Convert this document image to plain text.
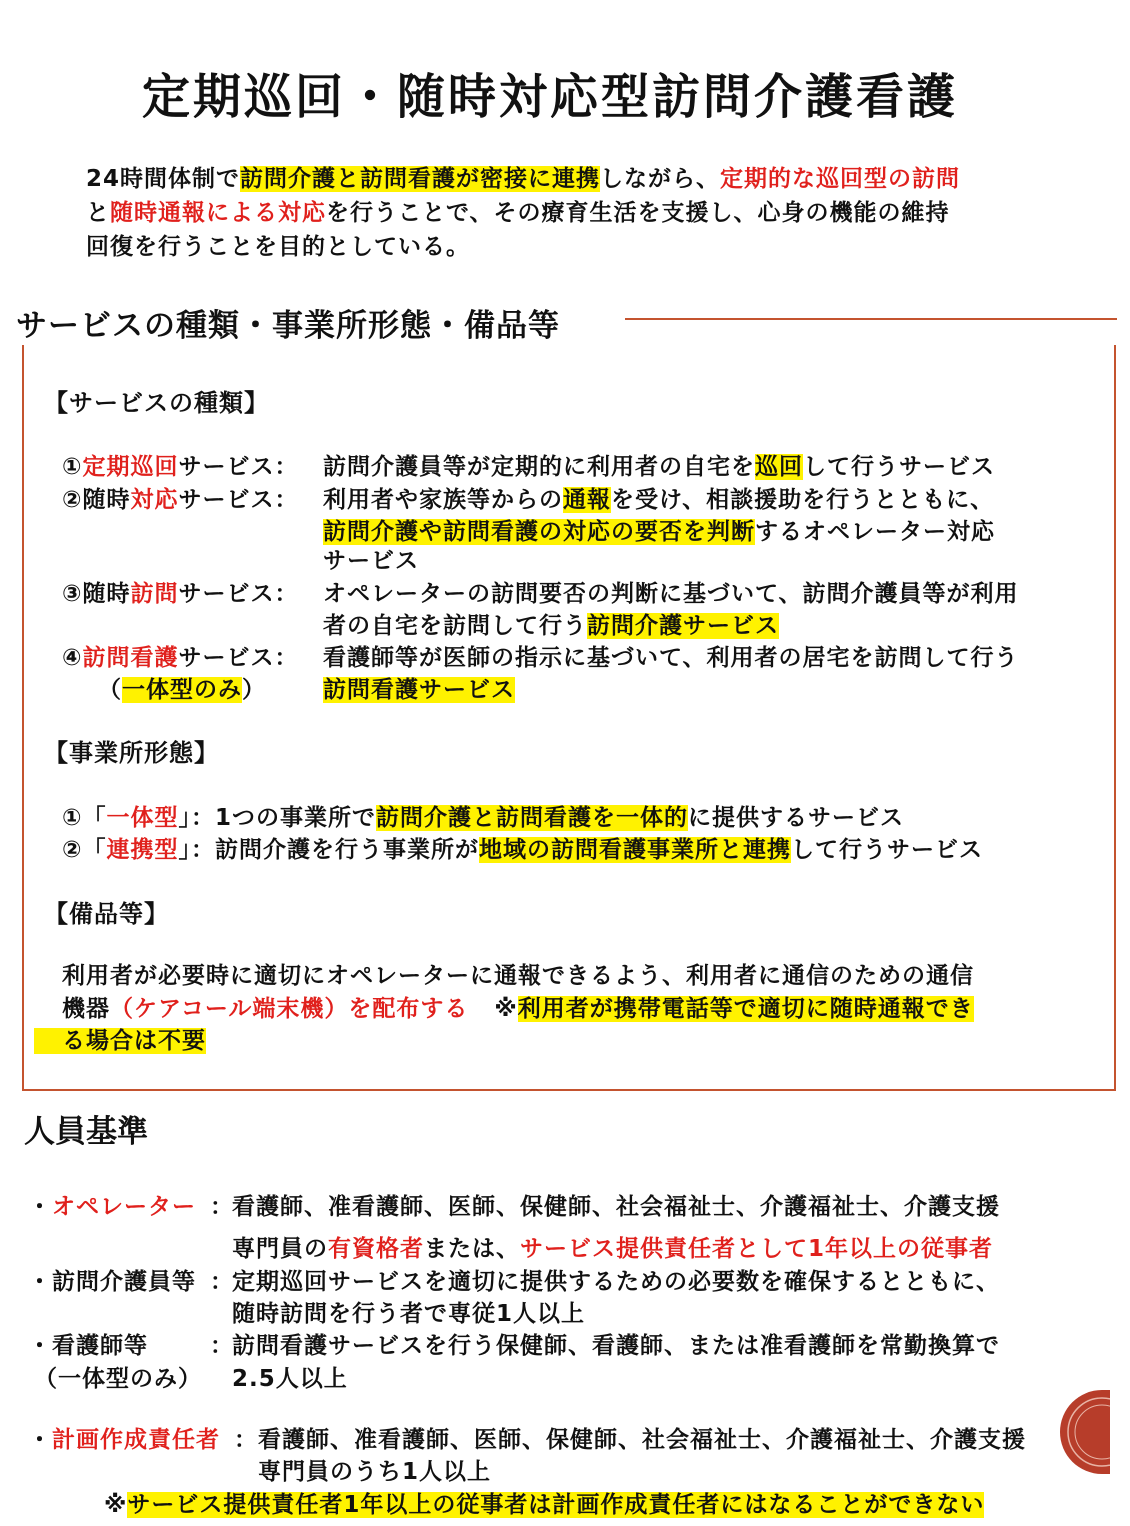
定期巡回・随時対応型訪問介護看護
24時間体制で訪問介護と訪問看護が密接に連携しながら、定期的な巡回型の訪問
と随時通報による対応を行うことで、その療育生活を支援し、心身の機能の維持
回復を行うことを目的としている。
サービスの種類・事業所形態・備品等
【サービスの種類】
①定期巡回サービス： 訪問介護員等が定期的に利用者の自宅を巡回して行うサービス
②随時対応サービス： 利用者や家族等からの通報を受け、相談援助を行うとともに、
訪問介護や訪問看護の対応の要否を判断するオペレーター対応
サービス
③随時訪問サービス： オペレーターの訪問要否の判断に基づいて、訪問介護員等が利用
者の自宅を訪問して行う訪問介護サービス
④訪問看護サービス： 看護師等が医師の指示に基づいて、利用者の居宅を訪問して行う
（一体型のみ） 訪問看護サービス
【事業所形態】
①「一体型」：1つの事業所で訪問介護と訪問看護を一体的に提供するサービス
②「連携型」：訪問介護を行う事業所が地域の訪問看護事業所と連携して行うサービス
【備品等】
利用者が必要時に適切にオペレーターに通報できるよう、利用者に通信のための通信
機器（ケアコール端末機）を配布する ※利用者が携帯電話等で適切に随時通報でき
る場合は不要
人員基準
・オペレーター ：
看護師、准看護師、医師、保健師、社会福祉士、介護福祉士、介護支援
専門員の有資格者または、サービス提供責任者として1年以上の従事者
・訪問介護員等 ：
定期巡回サービスを適切に提供するための必要数を確保するとともに、
随時訪問を行う者で専従1人以上
・看護師等
（一体型のみ）
：
訪問看護サービスを行う保健師、看護師、または准看護師を常勤換算で
2.5人以上
・計画作成責任者 ： 看護師、准看護師、医師、保健師、社会福祉士、介護福祉士、介護支援
専門員のうち1人以上
※サービス提供責任者1年以上の従事者は計画作成責任者にはなることができない
